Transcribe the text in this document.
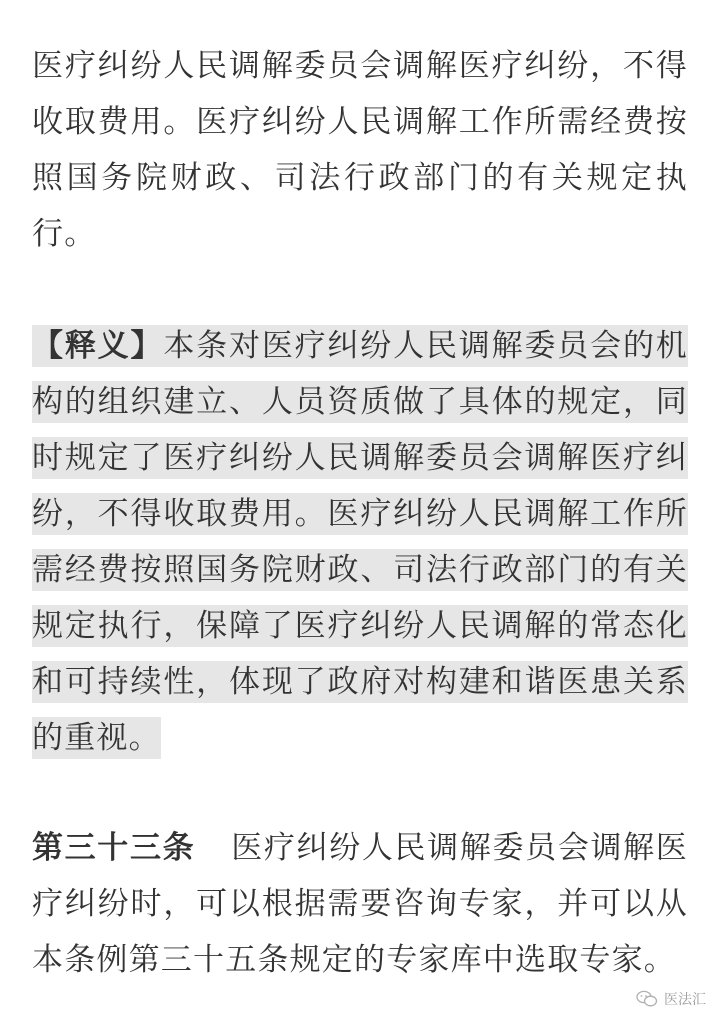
医疗纠纷人民调解委员会调解医疗纠纷，不得收取费用。医疗纠纷人民调解工作所需经费按照国务院财政、司法行政部门的有关规定执行。

【释义】本条对医疗纠纷人民调解委员会的机构的组织建立、人员资质做了具体的规定，同时规定了医疗纠纷人民调解委员会调解医疗纠纷，不得收取费用。医疗纠纷人民调解工作所需经费按照国务院财政、司法行政部门的有关规定执行，保障了医疗纠纷人民调解的常态化和可持续性，体现了政府对构建和谐医患关系的重视。

第三十三条 医疗纠纷人民调解委员会调解医疗纠纷时，可以根据需要咨询专家，并可以从本条例第三十五条规定的专家库中选取专家。

医法汇
